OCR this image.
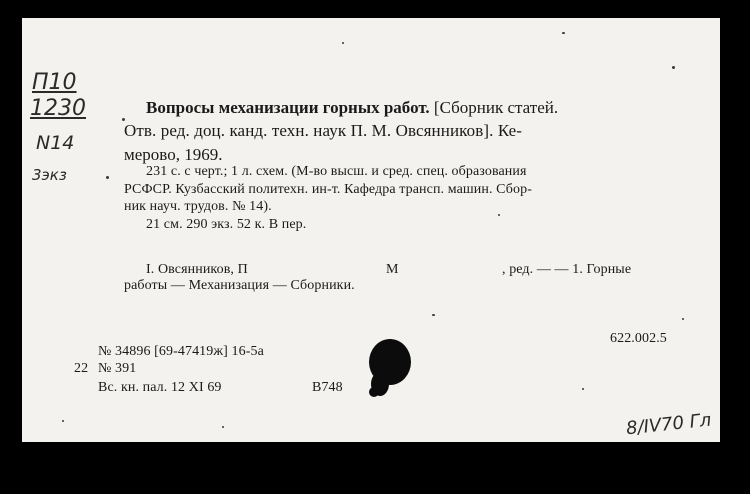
П10
1230
N14
3экз
Вопросы механизации горных работ. [Сборник статей.
Отв. ред. доц. канд. техн. наук П. М. Овсянников]. Ке-
мерово, 1969.
231 с. с черт.; 1 л. схем. (М-во высш. и сред. спец. образования
РСФСР. Кузбасский политехн. ин-т. Кафедра трансп. машин. Сбор-
ник науч. трудов. № 14).
21 см. 290 экз. 52 к. В пер.
I. Овсянников, П	М	, ред. — — 1. Горные
работы — Механизация — Сборники.
622.002.5
№ 34896 [69-47419ж] 16-5а
22 № 391
Вс. кн. пал. 12 XI 69	В748
8/IV70 Гл
